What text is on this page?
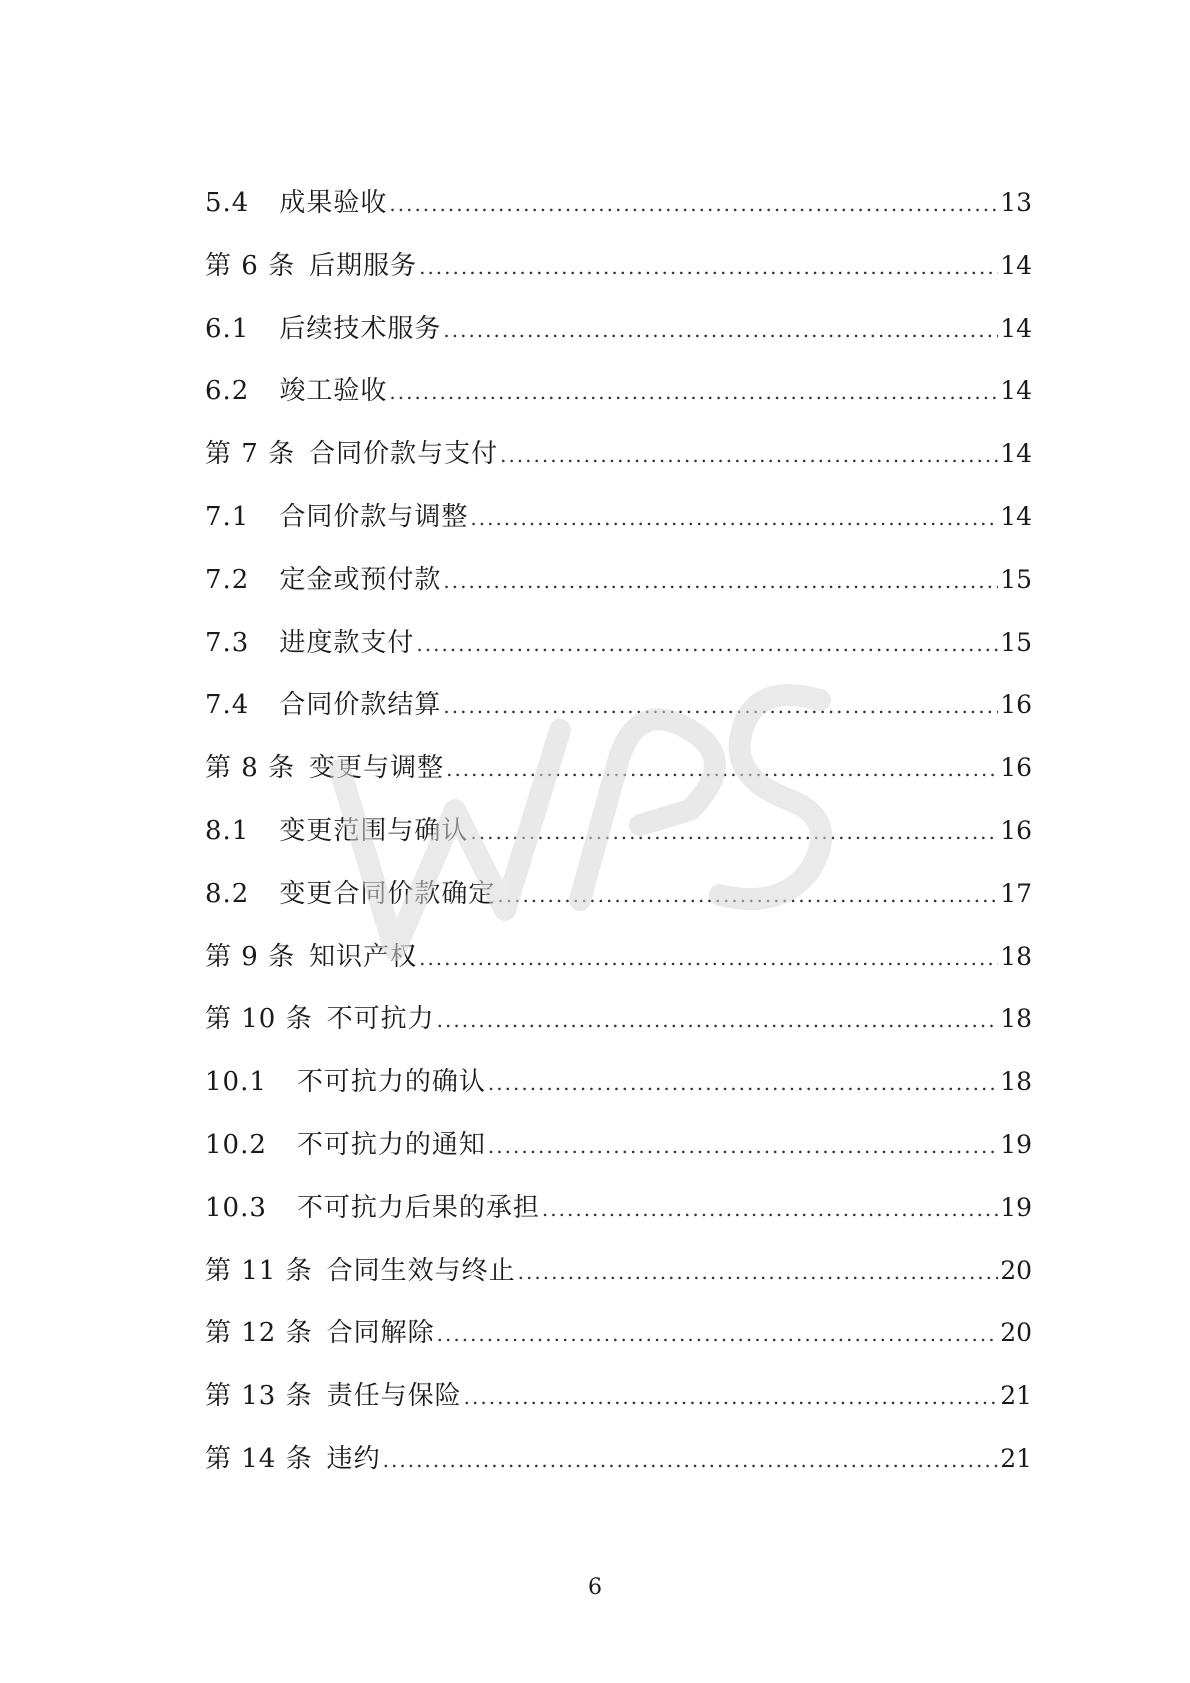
5.4 成果验收 .....	13
第 6 条 后期服务 .....	14
6.1 后续技术服务 .....	14
6.2 竣工验收 .....	14
第 7 条 合同价款与支付 .....	14
7.1 合同价款与调整 .....	14
7.2 定金或预付款 .....	15
7.3 进度款支付 .....	15
7.4 合同价款结算 .....	16
第 8 条 变更与调整 .....	16
8.1 变更范围与确认 .....	16
8.2 变更合同价款确定 .....	17
第 9 条 知识产权 .....	18
第 10 条 不可抗力 .....	18
10.1 不可抗力的确认 .....	18
10.2 不可抗力的通知 .....	19
10.3 不可抗力后果的承担 .....	19
第 11 条 合同生效与终止 .....	20
第 12 条 合同解除 .....	20
第 13 条 责任与保险 .....	21
第 14 条 违约 .....	21
6
